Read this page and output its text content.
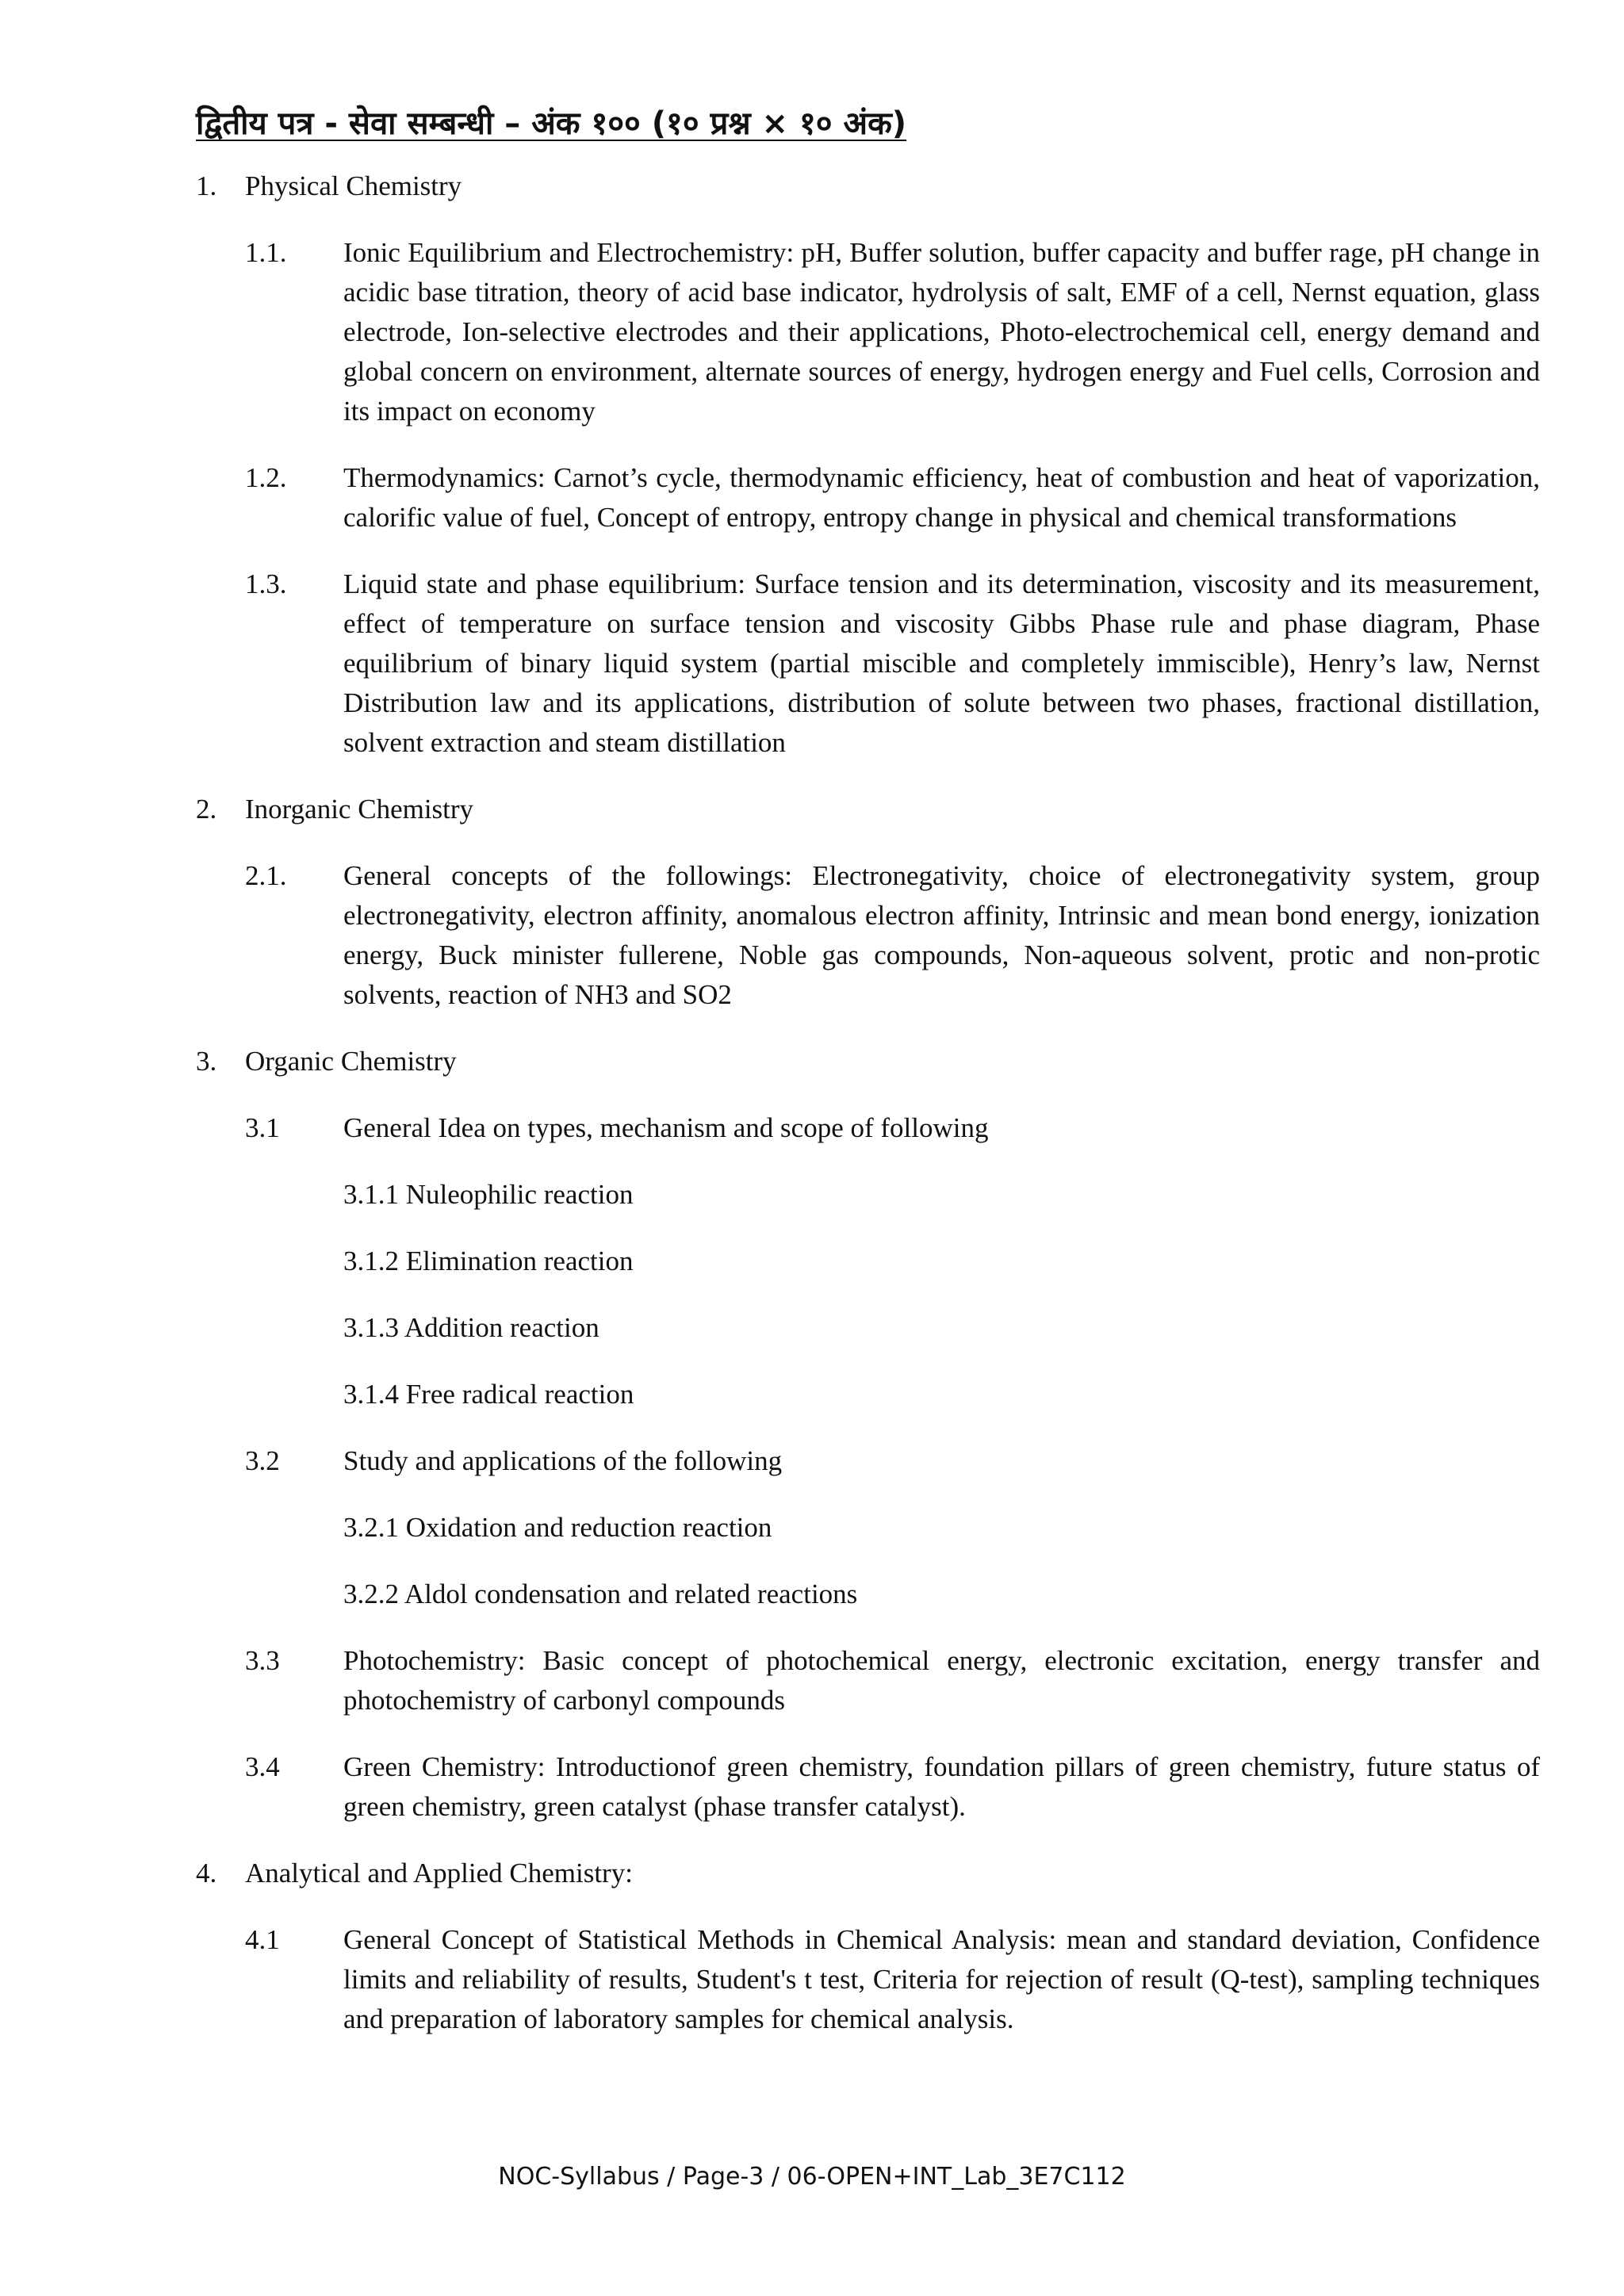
द्वितीय पत्र - सेवा सम्बन्धी – अंक १०० (१० प्रश्न × १० अंक)
1.	Physical Chemistry
1.1.	Ionic Equilibrium and Electrochemistry: pH, Buffer solution, buffer capacity and buffer rage, pH change in acidic base titration, theory of acid base indicator, hydrolysis of salt, EMF of a cell, Nernst equation, glass electrode, Ion-selective electrodes and their applications, Photo-electrochemical cell, energy demand and global concern on environment, alternate sources of energy, hydrogen energy and Fuel cells, Corrosion and its impact on economy
1.2.	Thermodynamics: Carnot’s cycle, thermodynamic efficiency, heat of combustion and heat of vaporization, calorific value of fuel, Concept of entropy, entropy change in physical and chemical transformations
1.3.	Liquid state and phase equilibrium: Surface tension and its determination, viscosity and its measurement, effect of temperature on surface tension and viscosity Gibbs Phase rule and phase diagram, Phase equilibrium of binary liquid system (partial miscible and completely immiscible), Henry’s law, Nernst Distribution law and its applications, distribution of solute between two phases, fractional distillation, solvent extraction and steam distillation
2.	Inorganic Chemistry
2.1.	General concepts of the followings: Electronegativity, choice of electronegativity system, group electronegativity, electron affinity, anomalous electron affinity, Intrinsic and mean bond energy, ionization energy, Buck minister fullerene, Noble gas compounds, Non-aqueous solvent, protic and non-protic solvents, reaction of NH3 and SO2
3.	Organic Chemistry
3.1	General Idea on types, mechanism and scope of following
3.1.1 Nuleophilic reaction
3.1.2 Elimination reaction
3.1.3 Addition reaction
3.1.4 Free radical reaction
3.2	Study and applications of the following
3.2.1 Oxidation and reduction reaction
3.2.2 Aldol condensation and related reactions
3.3	Photochemistry: Basic concept of photochemical energy, electronic excitation, energy transfer and photochemistry of carbonyl compounds
3.4	Green Chemistry: Introductionof green chemistry, foundation pillars of green chemistry, future status of green chemistry, green catalyst (phase transfer catalyst).
4.	Analytical and Applied Chemistry:
4.1	General Concept of Statistical Methods in Chemical Analysis: mean and standard deviation, Confidence limits and reliability of results, Student's t test, Criteria for rejection of result (Q-test), sampling techniques and preparation of laboratory samples for chemical analysis.
NOC-Syllabus / Page-3 / 06-OPEN+INT_Lab_3E7C112
